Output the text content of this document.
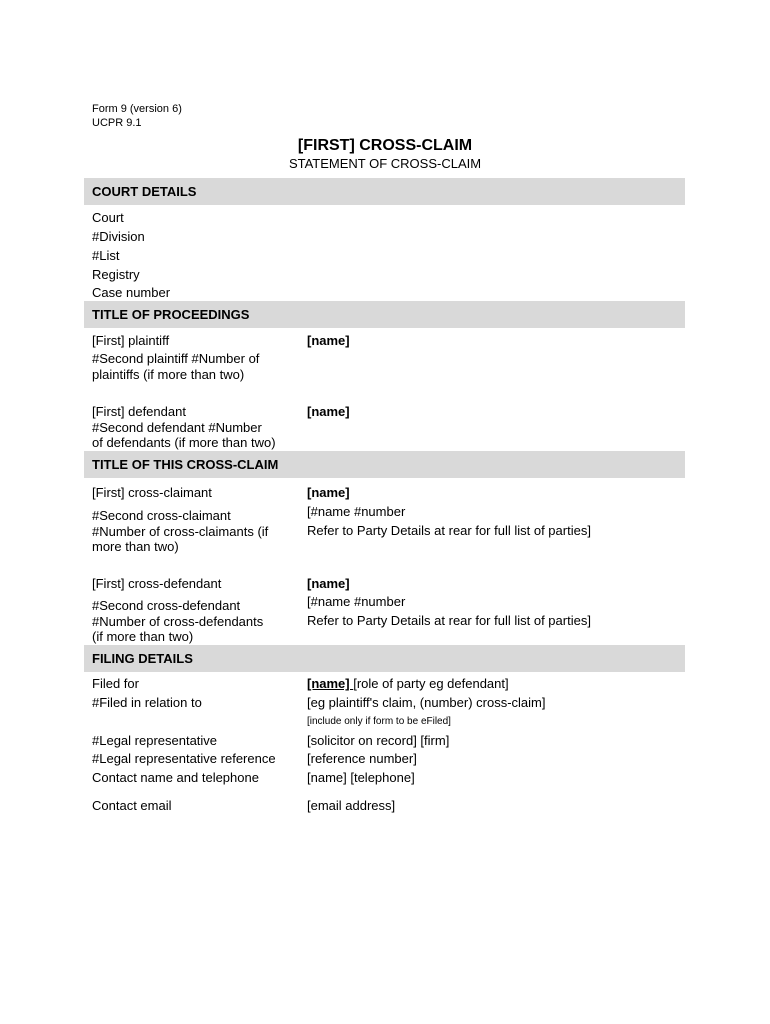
Form 9 (version 6)
UCPR 9.1
[FIRST] CROSS-CLAIM
STATEMENT OF CROSS-CLAIM
COURT DETAILS
Court
#Division
#List
Registry
Case number
TITLE OF PROCEEDINGS
[First] plaintiff	[name]
#Second plaintiff #Number of
plaintiffs (if more than two)
[First] defendant	[name]
#Second defendant #Number
of defendants (if more than two)
TITLE OF THIS CROSS-CLAIM
[First] cross-claimant	[name]
#Second cross-claimant
#Number of cross-claimants (if
more than two)
[#name #number
Refer to Party Details at rear for full list of parties]
[First] cross-defendant	[name]
#Second cross-defendant
#Number of cross-defendants
(if more than two)
[#name #number
Refer to Party Details at rear for full list of parties]
FILING DETAILS
Filed for	[name] [role of party eg defendant]
#Filed in relation to	[eg plaintiff's claim, (number) cross-claim]
[include only if form to be eFiled]
#Legal representative	[solicitor on record] [firm]
#Legal representative reference [reference number]
Contact name and telephone	[name] [telephone]
Contact email	[email address]
